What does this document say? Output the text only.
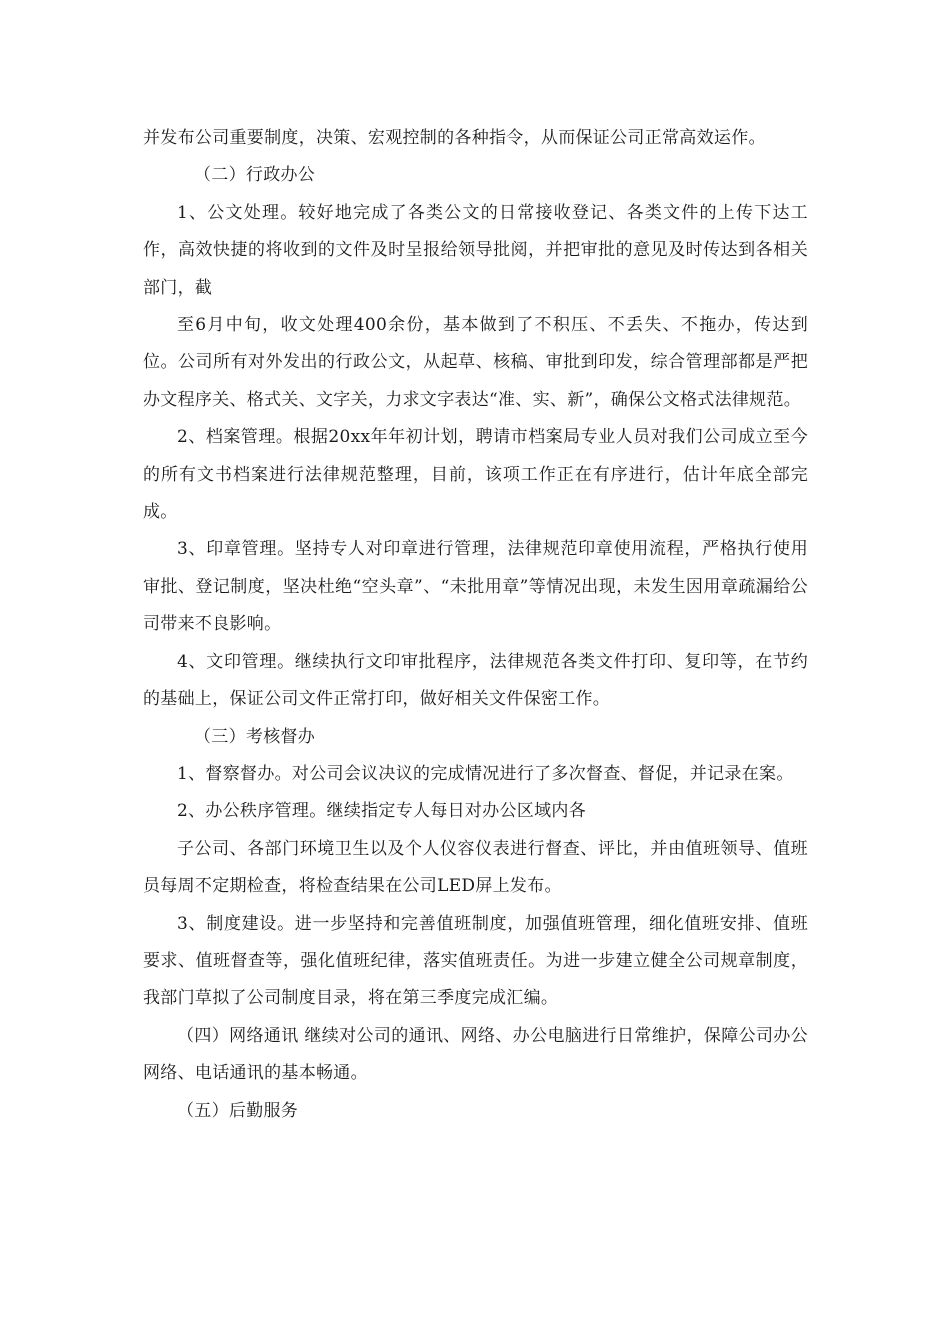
并发布公司重要制度，决策、宏观控制的各种指令，从而保证公司正常高效运作。

（二）行政办公

1、公文处理。较好地完成了各类公文的日常接收登记、各类文件的上传下达工作，高效快捷的将收到的文件及时呈报给领导批阅，并把审批的意见及时传达到各相关部门，截

至6月中旬，收文处理400余份，基本做到了不积压、不丢失、不拖办，传达到位。公司所有对外发出的行政公文，从起草、核稿、审批到印发，综合管理部都是严把办文程序关、格式关、文字关，力求文字表达“准、实、新”，确保公文格式法律规范。

2、档案管理。根据20xx年年初计划，聘请市档案局专业人员对我们公司成立至今的所有文书档案进行法律规范整理，目前，该项工作正在有序进行，估计年底全部完成。

3、印章管理。坚持专人对印章进行管理，法律规范印章使用流程，严格执行使用审批、登记制度，坚决杜绝“空头章”、“未批用章”等情况出现，未发生因用章疏漏给公司带来不良影响。

4、文印管理。继续执行文印审批程序，法律规范各类文件打印、复印等，在节约的基础上，保证公司文件正常打印，做好相关文件保密工作。

（三）考核督办

1、督察督办。对公司会议决议的完成情况进行了多次督查、督促，并记录在案。

2、办公秩序管理。继续指定专人每日对办公区域内各

子公司、各部门环境卫生以及个人仪容仪表进行督查、评比，并由值班领导、值班员每周不定期检查，将检查结果在公司LED屏上发布。

3、制度建设。进一步坚持和完善值班制度，加强值班管理，细化值班安排、值班要求、值班督查等，强化值班纪律，落实值班责任。为进一步建立健全公司规章制度，我部门草拟了公司制度目录，将在第三季度完成汇编。

（四）网络通讯 继续对公司的通讯、网络、办公电脑进行日常维护，保障公司办公网络、电话通讯的基本畅通。

（五）后勤服务
